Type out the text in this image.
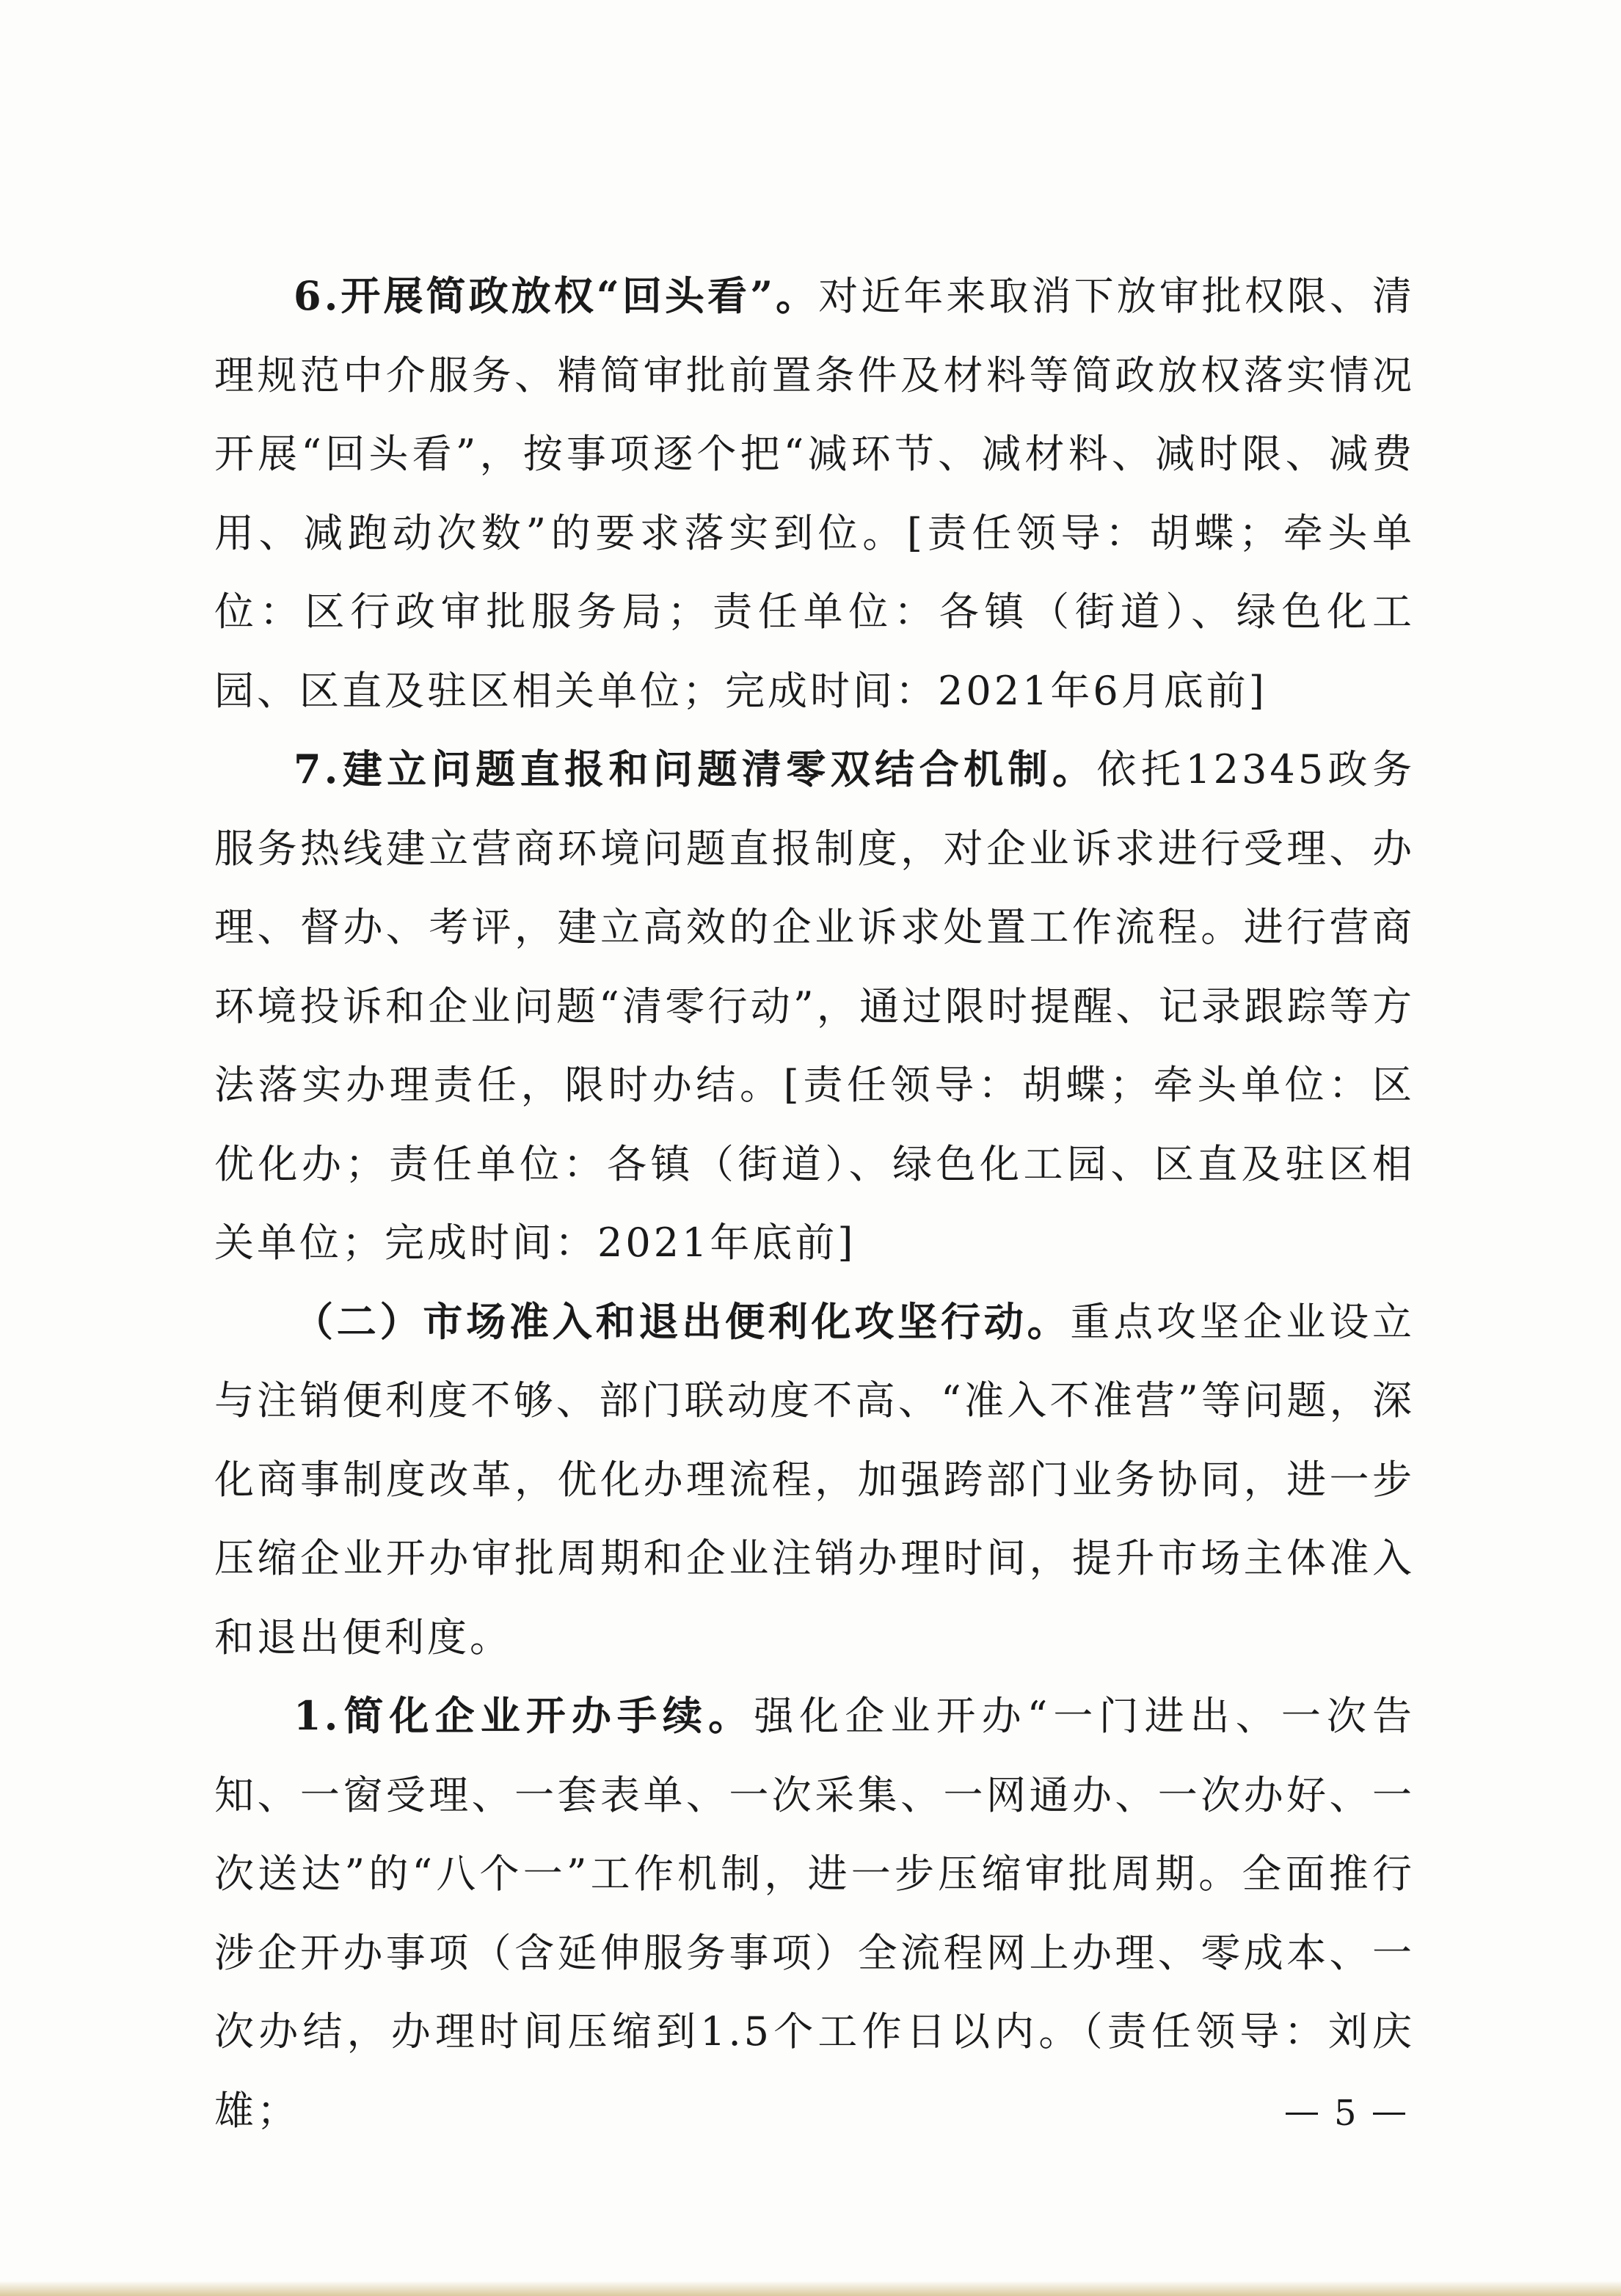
6.开展简政放权“回头看”。对近年来取消下放审批权限、清理规范中介服务、精简审批前置条件及材料等简政放权落实情况开展“回头看”，按事项逐个把“减环节、减材料、减时限、减费用、减跑动次数”的要求落实到位。[责任领导：胡蝶；牵头单位：区行政审批服务局；责任单位：各镇（街道）、绿色化工园、区直及驻区相关单位；完成时间：2021年6月底前]

7.建立问题直报和问题清零双结合机制。依托12345政务服务热线建立营商环境问题直报制度，对企业诉求进行受理、办理、督办、考评，建立高效的企业诉求处置工作流程。进行营商环境投诉和企业问题“清零行动”，通过限时提醒、记录跟踪等方法落实办理责任，限时办结。[责任领导：胡蝶；牵头单位：区优化办；责任单位：各镇（街道）、绿色化工园、区直及驻区相关单位；完成时间：2021年底前]

（二）市场准入和退出便利化攻坚行动。重点攻坚企业设立与注销便利度不够、部门联动度不高、“准入不准营”等问题，深化商事制度改革，优化办理流程，加强跨部门业务协同，进一步压缩企业开办审批周期和企业注销办理时间，提升市场主体准入和退出便利度。

1.简化企业开办手续。强化企业开办“一门进出、一次告知、一窗受理、一套表单、一次采集、一网通办、一次办好、一次送达”的“八个一”工作机制，进一步压缩审批周期。全面推行涉企开办事项（含延伸服务事项）全流程网上办理、零成本、一次办结，办理时间压缩到1.5个工作日以内。（责任领导：刘庆雄；	5
